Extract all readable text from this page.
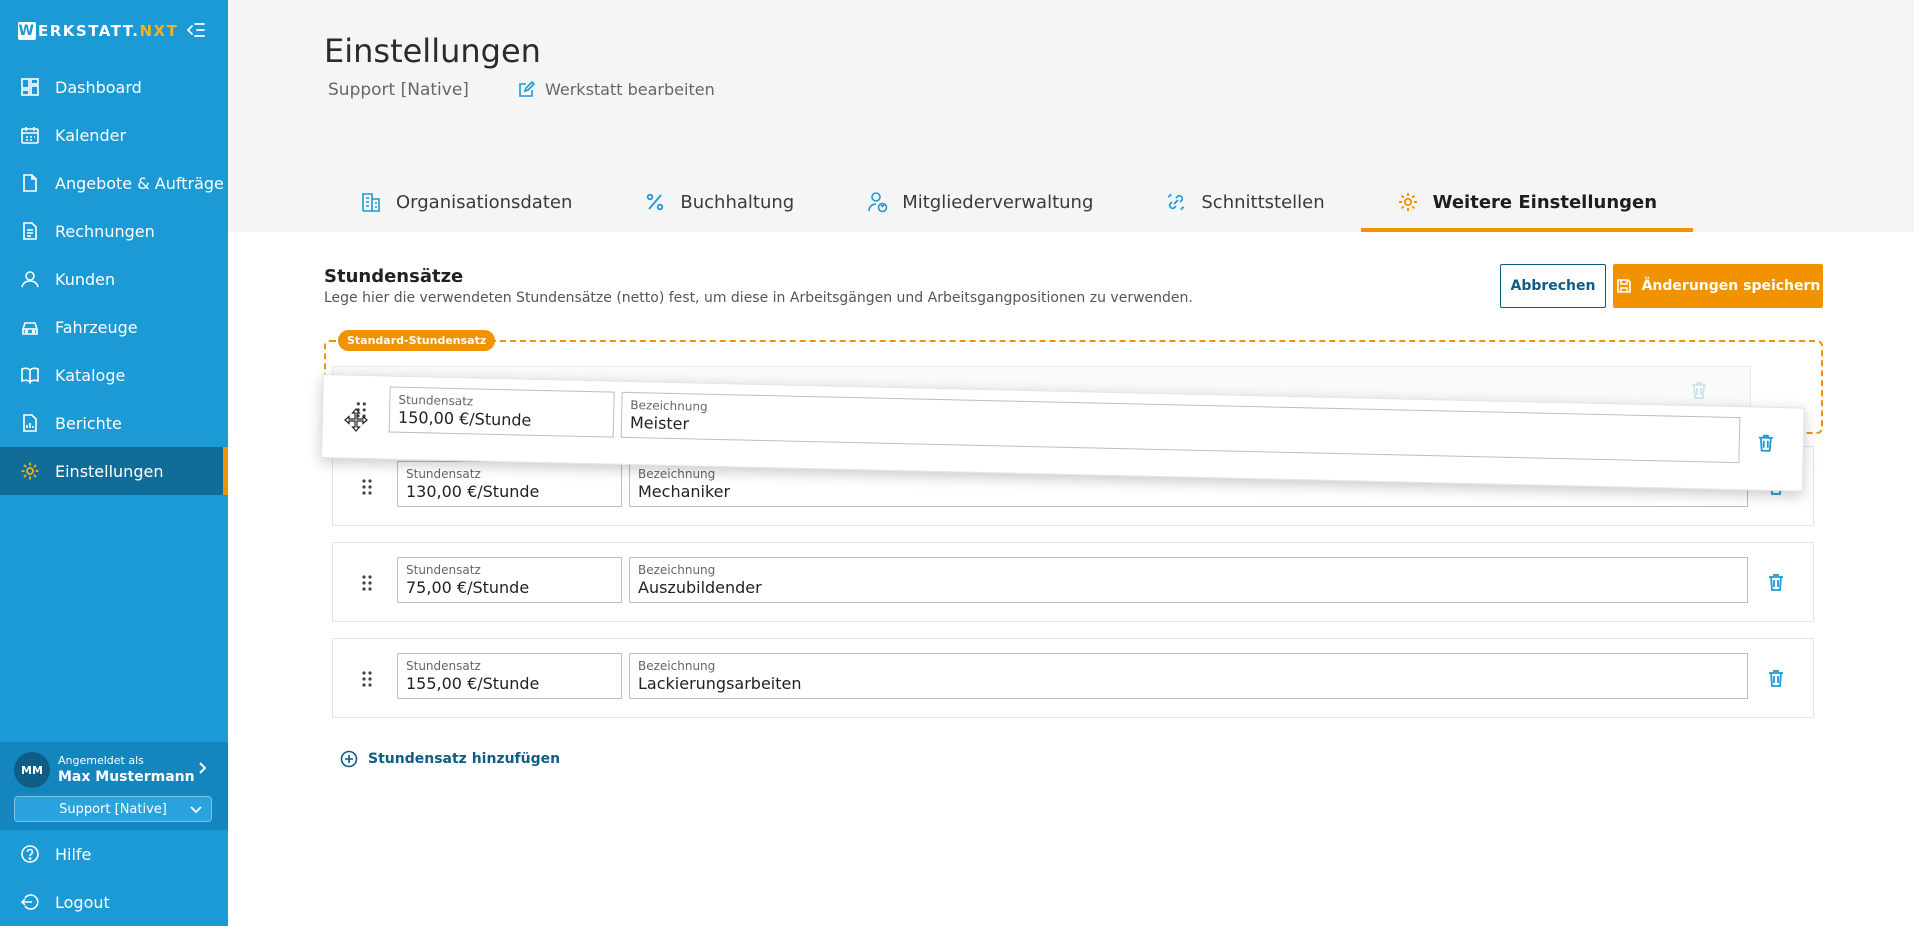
W ERKSTATT. NXT
Dashboard
Kalender
Angebote & Aufträge
Rechnungen
Kunden
Fahrzeuge
Kataloge
Berichte
Einstellungen
MM
Angemeldet als
Max Mustermann
Support [Native]
Hilfe
Logout
Einstellungen
Support [Native]	Werkstatt bearbeiten
Organisationsdaten	Buchhaltung	Mitgliederverwaltung	Schnittstellen	Weitere Einstellungen
Stundensätze
Lege hier die verwendeten Stundensätze (netto) fest, um diese in Arbeitsgängen und Arbeitsgangpositionen zu verwenden.
Abbrechen	Änderungen speichern
Standard-Stundensatz
Stundensatz
130,00 €/Stunde
Bezeichnung
Mechaniker
Stundensatz
75,00 €/Stunde
Bezeichnung
Auszubildender
Stundensatz
155,00 €/Stunde
Bezeichnung
Lackierungsarbeiten
Stundensatz
150,00 €/Stunde
Bezeichnung
Meister
Stundensatz hinzufügen
